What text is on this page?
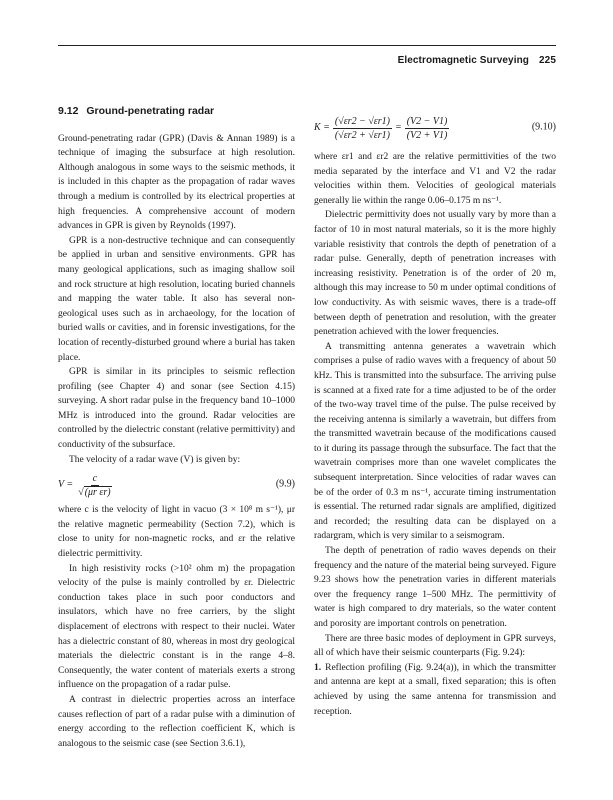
Electromagnetic Surveying 225

9.12 Ground-penetrating radar

Ground-penetrating radar (GPR) (Davis & Annan 1989) is a technique of imaging the subsurface at high resolution. Although analogous in some ways to the seismic methods, it is included in this chapter as the propagation of radar waves through a medium is controlled by its electrical properties at high frequencies. A comprehensive account of modern advances in GPR is given by Reynolds (1997).

GPR is a non-destructive technique and can consequently be applied in urban and sensitive environments. GPR has many geological applications, such as imaging shallow soil and rock structure at high resolution, locating buried channels and mapping the water table. It also has several non-geological uses such as in archaeology, for the location of buried walls or cavities, and in forensic investigations, for the location of recently-disturbed ground where a burial has taken place.

GPR is similar in its principles to seismic reflection profiling (see Chapter 4) and sonar (see Section 4.15) surveying. A short radar pulse in the frequency band 10–1000 MHz is introduced into the ground. Radar velocities are controlled by the dielectric constant (relative permittivity) and conductivity of the subsurface.

The velocity of a radar wave (V) is given by:

$V = \frac{c}{\text{√(μr εr)}}$	(9.9)

where c is the velocity of light in vacuo (3 × 10⁸ m s⁻¹), μr the relative magnetic permeability (Section 7.2), which is close to unity for non-magnetic rocks, and εr the relative dielectric permittivity.

In high resistivity rocks (>10² ohm m) the propagation velocity of the pulse is mainly controlled by εr. Dielectric conduction takes place in such poor conductors and insulators, which have no free carriers, by the slight displacement of electrons with respect to their nuclei. Water has a dielectric constant of 80, whereas in most dry geological materials the dielectric constant is in the range 4–8. Consequently, the water content of materials exerts a strong influence on the propagation of a radar pulse.

A contrast in dielectric properties across an interface causes reflection of part of a radar pulse with a diminution of energy according to the reflection coefficient K, which is analogous to the seismic case (see Section 3.6.1),

$K = \frac{(√\varepsilon r2 - √\varepsilon r1)}{(√\varepsilon r2 + √\varepsilon r1)} = \frac{(V2 - V1)}{(V2 + V1)}$	(9.10)

where εr1 and εr2 are the relative permittivities of the two media separated by the interface and V1 and V2 the radar velocities within them. Velocities of geological materials generally lie within the range 0.06–0.175 m ns⁻¹.

Dielectric permittivity does not usually vary by more than a factor of 10 in most natural materials, so it is the more highly variable resistivity that controls the depth of penetration of a radar pulse. Generally, depth of penetration increases with increasing resistivity. Penetration is of the order of 20 m, although this may increase to 50 m under optimal conditions of low conductivity. As with seismic waves, there is a trade-off between depth of penetration and resolution, with the greater penetration achieved with the lower frequencies.

A transmitting antenna generates a wavetrain which comprises a pulse of radio waves with a frequency of about 50 kHz. This is transmitted into the subsurface. The arriving pulse is scanned at a fixed rate for a time adjusted to be of the order of the two-way travel time of the pulse. The pulse received by the receiving antenna is similarly a wavetrain, but differs from the transmitted wavetrain because of the modifications caused to it during its passage through the subsurface. The fact that the wavetrain comprises more than one wavelet complicates the subsequent interpretation. Since velocities of radar waves can be of the order of 0.3 m ns⁻¹, accurate timing instrumentation is essential. The returned radar signals are amplified, digitized and recorded; the resulting data can be displayed on a radargram, which is very similar to a seismogram.

The depth of penetration of radio waves depends on their frequency and the nature of the material being surveyed. Figure 9.23 shows how the penetration varies in different materials over the frequency range 1–500 MHz. The permittivity of water is high compared to dry materials, so the water content and porosity are important controls on penetration.

There are three basic modes of deployment in GPR surveys, all of which have their seismic counterparts (Fig. 9.24):

1. Reflection profiling (Fig. 9.24(a)), in which the transmitter and antenna are kept at a small, fixed separation; this is often achieved by using the same antenna for transmission and reception.
